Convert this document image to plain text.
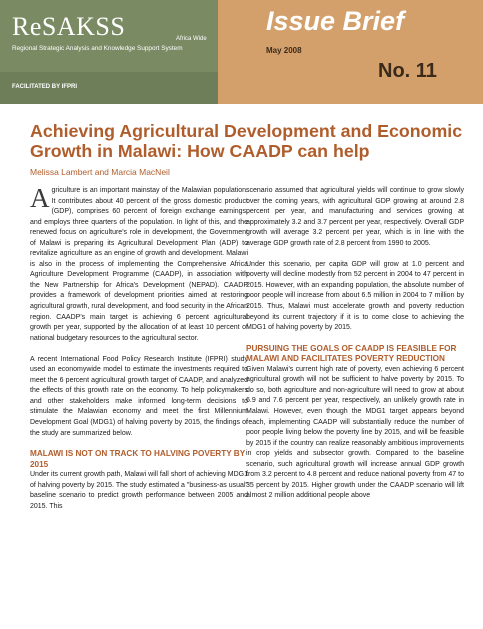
ReSAKSS	Africa Wide
Regional Strategic Analysis and Knowledge Support System
FACILITATED BY IFPRI
Issue Brief
May 2008
No. 11
Achieving Agricultural Development and Economic Growth in Malawi: How CAADP can help
Melissa Lambert and Marcia MacNeil

Agriculture is an important mainstay of the Malawian population. It contributes about 40 percent of the gross domestic product (GDP), comprises 60 percent of foreign exchange earnings, and employs three quarters of the population. In light of this, and the renewed focus on agriculture's role in development, the Government of Malawi is preparing its Agricultural Development Plan (ADP) to revitalize agriculture as an engine of growth and development. Malawi is also in the process of implementing the Comprehensive Africa Agriculture Development Programme (CAADP), in association with the New Partnership for Africa's Development (NEPAD). CAADP provides a framework of development priorities aimed at restoring agricultural growth, rural development, and food security in the African region. CAADP's main target is achieving 6 percent agricultural growth per year, supported by the allocation of at least 10 percent of national budgetary resources to the agricultural sector.

A recent International Food Policy Research Institute (IFPRI) study used an economywide model to estimate the investments required to meet the 6 percent agricultural growth target of CAADP, and analyzed the effects of this growth rate on the economy. To help policymakers and other stakeholders make informed long-term decisions to stimulate the Malawian economy and meet the first Millennium Development Goal (MDG1) of halving poverty by 2015, the findings of the study are summarized below.

MALAWI IS NOT ON TRACK TO HALVING POVERTY BY 2015

Under its current growth path, Malawi will fall short of achieving MDG1 of halving poverty by 2015. The study estimated a "business-as usual" baseline scenario to predict growth performance between 2005 and 2015. This

scenario assumed that agricultural yields will continue to grow slowly over the coming years, with agricultural GDP growing at around 2.8 percent per year, and manufacturing and services growing at approximately 3.2 and 3.7 percent per year, respectively. Overall GDP growth will average 3.2 percent per year, which is in line with the average GDP growth rate of 2.8 percent from 1990 to 2005.

Under this scenario, per capita GDP will grow at 1.0 percent and poverty will decline modestly from 52 percent in 2004 to 47 percent in 2015. However, with an expanding population, the absolute number of poor people will increase from about 6.5 million in 2004 to 7 million by 2015. Thus, Malawi must accelerate growth and poverty reduction beyond its current trajectory if it is to come close to achieving the MDG1 of halving poverty by 2015.

PURSUING THE GOALS OF CAADP IS FEASIBLE FOR MALAWI AND FACILITATES POVERTY REDUCTION

Given Malawi's current high rate of poverty, even achieving 6 percent agricultural growth will not be sufficient to halve poverty by 2015. To do so, both agriculture and non-agriculture will need to grow at about 6.9 and 7.6 percent per year, respectively, an unlikely growth rate in Malawi. However, even though the MDG1 target appears beyond reach, implementing CAADP will substantially reduce the number of poor people living below the poverty line by 2015, and will be feasible by 2015 if the country can realize reasonably ambitious improvements in crop yields and subsector growth. Compared to the baseline scenario, such agricultural growth will increase annual GDP growth from 3.2 percent to 4.8 percent and reduce national poverty from 47 to 35 percent by 2015. Higher growth under the CAADP scenario will lift almost 2 million additional people above
